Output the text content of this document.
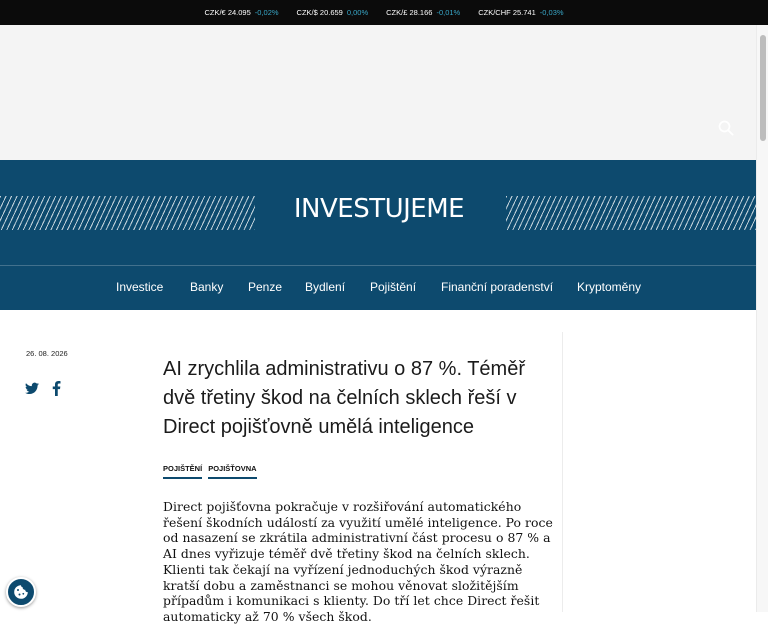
CZK/€ 24.095 -0,02% CZK/$ 20.659 0,00% CZK/£ 28.166 -0,01% CZK/CHF 25.741 -0,03%
INVESTUJEME
Investice Banky Penze Bydlení Pojištění Finanční poradenství Kryptoměny
26. 08. 2026
AI zrychlila administrativu o 87 %. Téměř dvě třetiny škod na čelních sklech řeší v Direct pojišťovně umělá inteligence
POJIŠTĚNÍ POJIŠŤOVNA

Direct pojišťovna pokračuje v rozšiřování automatického řešení škodních událostí za využití umělé inteligence. Po roce od nasazení se zkrátila administrativní část procesu o 87 % a AI dnes vyřizuje téměř dvě třetiny škod na čelních sklech. Klienti tak čekají na vyřízení jednoduchých škod výrazně kratší dobu a zaměstnanci se mohou věnovat složitějším případům i komunikaci s klienty. Do tří let chce Direct řešit automaticky až 70 % všech škod.
